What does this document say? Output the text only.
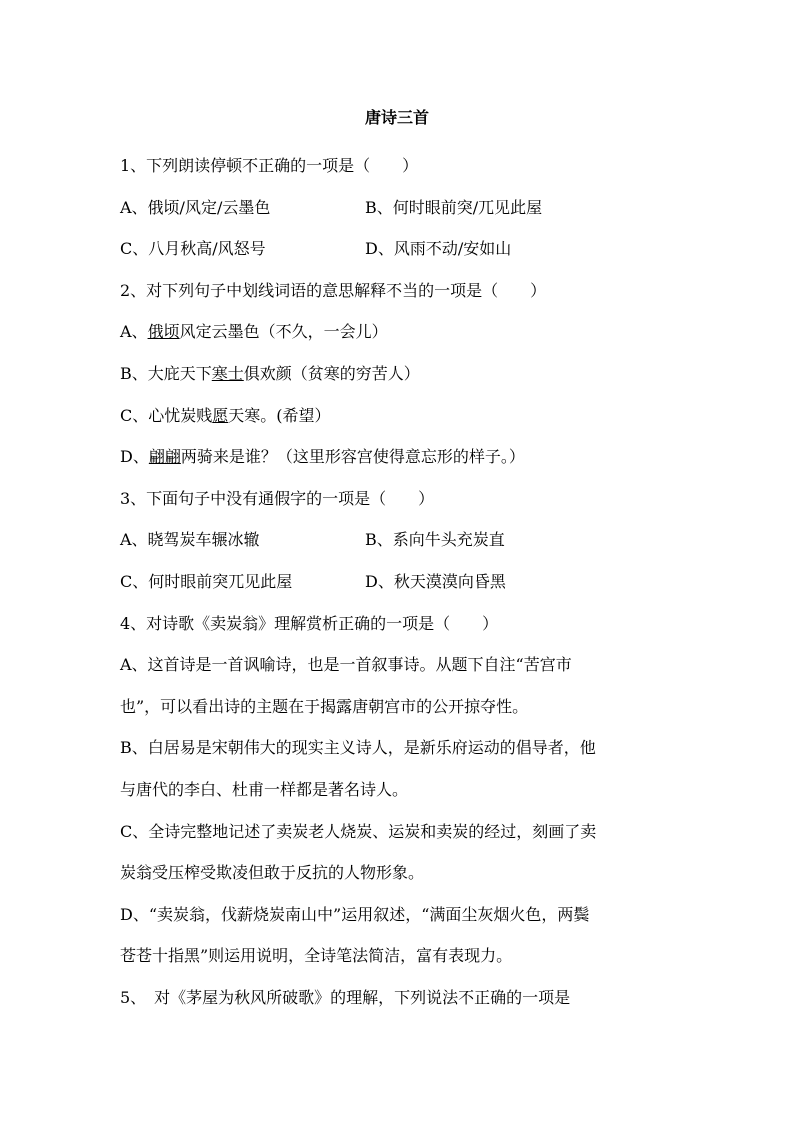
唐诗三首
1、下列朗读停顿不正确的一项是（　　）
A、俄顷/风定/云墨色	B、何时眼前突/兀见此屋
C、八月秋高/风怒号	D、风雨不动/安如山
2、对下列句子中划线词语的意思解释不当的一项是（　　）
A、俄顷风定云墨色（不久，一会儿）
B、大庇天下寒士俱欢颜（贫寒的穷苦人）
C、心忧炭贱愿天寒。(希望）
D、翩翩两骑来是谁？（这里形容宫使得意忘形的样子。）
3、下面句子中没有通假字的一项是（　　）
A、晓驾炭车辗冰辙	B、系向牛头充炭直
C、何时眼前突兀见此屋	D、秋天漠漠向昏黑
4、对诗歌《卖炭翁》理解赏析正确的一项是（　　）
A、这首诗是一首讽喻诗，也是一首叙事诗。从题下自注“苦宫市
也”，可以看出诗的主题在于揭露唐朝宫市的公开掠夺性。
B、白居易是宋朝伟大的现实主义诗人，是新乐府运动的倡导者，他
与唐代的李白、杜甫一样都是著名诗人。
C、全诗完整地记述了卖炭老人烧炭、运炭和卖炭的经过，刻画了卖
炭翁受压榨受欺凌但敢于反抗的人物形象。
D、“卖炭翁，伐薪烧炭南山中”运用叙述，“满面尘灰烟火色，两鬓
苍苍十指黑”则运用说明，全诗笔法简洁，富有表现力。
5、　对《茅屋为秋风所破歌》的理解，下列说法不正确的一项是
